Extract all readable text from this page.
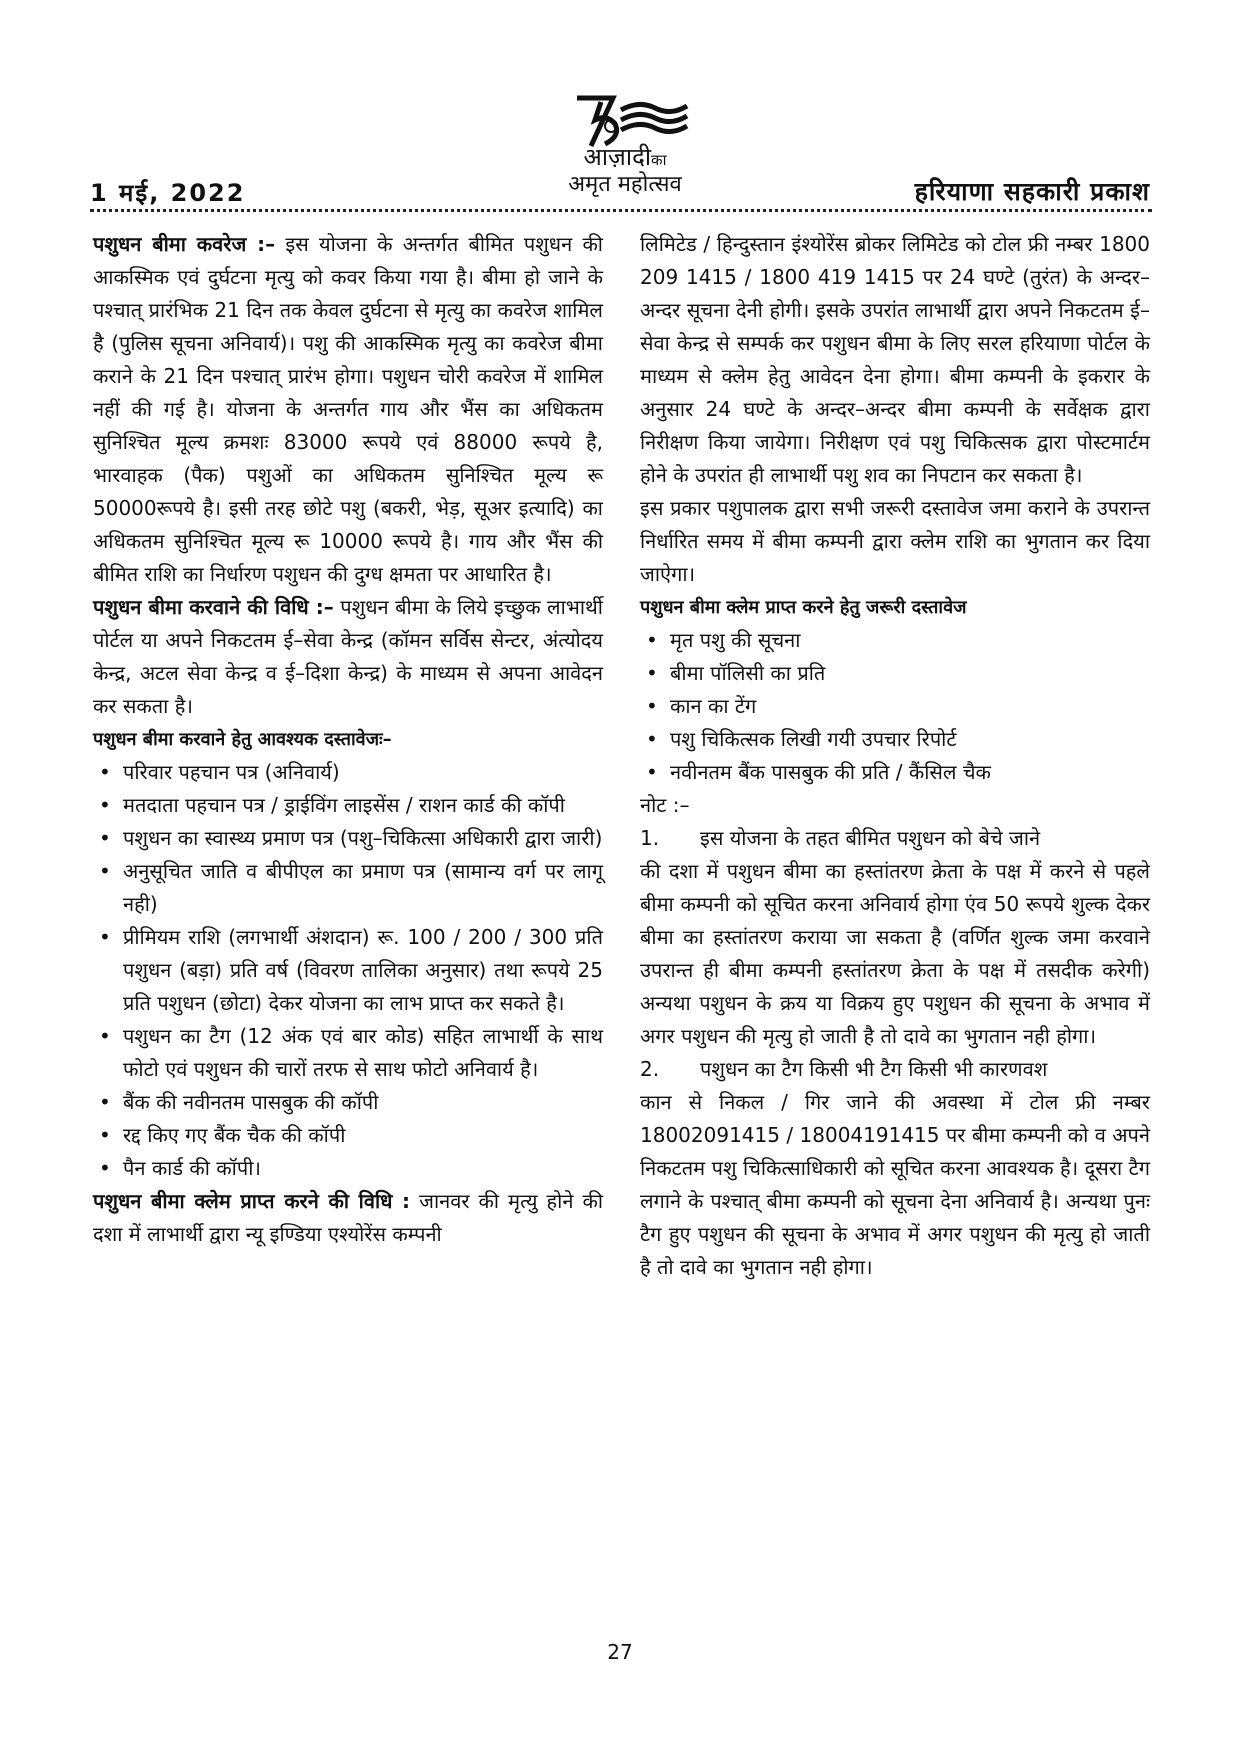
आज़ादीका
अमृत महोत्सव
1 मई, 2022	हरियाणा सहकारी प्रकाश

पशुधन बीमा कवरेज :– इस योजना के अन्तर्गत बीमित पशुधन की आकस्मिक एवं दुर्घटना मृत्यु को कवर किया गया है। बीमा हो जाने के पश्चात् प्रारंभिक 21 दिन तक केवल दुर्घटना से मृत्यु का कवरेज शामिल है (पुलिस सूचना अनिवार्य)। पशु की आकस्मिक मृत्यु का कवरेज बीमा कराने के 21 दिन पश्चात् प्रारंभ होगा। पशुधन चोरी कवरेज में शामिल नहीं की गई है। योजना के अन्तर्गत गाय और भैंस का अधिकतम सुनिश्चित मूल्य क्रमशः 83000 रूपये एवं 88000 रूपये है, भारवाहक (पैक) पशुओं का अधिकतम सुनिश्चित मूल्य रू 50000रूपये है। इसी तरह छोटे पशु (बकरी, भेड़, सूअर इत्यादि) का अधिकतम सुनिश्चित मूल्य रू 10000 रूपये है। गाय और भैंस की बीमित राशि का निर्धारण पशुधन की दुग्ध क्षमता पर आधारित है।

पशुधन बीमा करवाने की विधि :– पशुधन बीमा के लिये इच्छुक लाभार्थी पोर्टल या अपने निकटतम ई–सेवा केन्द्र (कॉमन सर्विस सेन्टर, अंत्योदय केन्द्र, अटल सेवा केन्द्र व ई–दिशा केन्द्र) के माध्यम से अपना आवेदन कर सकता है।

पशुधन बीमा करवाने हेतु आवश्यक दस्तावेजः–
• परिवार पहचान पत्र (अनिवार्य)
• मतदाता पहचान पत्र / ड्राईविंग लाइसेंस / राशन कार्ड की कॉपी
• पशुधन का स्वास्थ्य प्रमाण पत्र (पशु–चिकित्सा अधिकारी द्वारा जारी)
• अनुसूचित जाति व बीपीएल का प्रमाण पत्र (सामान्य वर्ग पर लागू नही)
• प्रीमियम राशि (लगभार्थी अंशदान) रू. 100 / 200 / 300 प्रति पशुधन (बड़ा) प्रति वर्ष (विवरण तालिका अनुसार) तथा रूपये 25 प्रति पशुधन (छोटा) देकर योजना का लाभ प्राप्त कर सकते है।
• पशुधन का टैग (12 अंक एवं बार कोड) सहित लाभार्थी के साथ फोटो एवं पशुधन की चारों तरफ से साथ फोटो अनिवार्य है।
• बैंक की नवीनतम पासबुक की कॉपी
• रद्द किए गए बैंक चैक की कॉपी
• पैन कार्ड की कॉपी।

पशुधन बीमा क्लेम प्राप्त करने की विधि : जानवर की मृत्यु होने की दशा में लाभार्थी द्वारा न्यू इण्डिया एश्योरेंस कम्पनी

लिमिटेड / हिन्दुस्तान इंश्योरेंस ब्रोकर लिमिटेड को टोल फ्री नम्बर 1800 209 1415 / 1800 419 1415 पर 24 घण्टे (तुरंत) के अन्दर–अन्दर सूचना देनी होगी। इसके उपरांत लाभार्थी द्वारा अपने निकटतम ई–सेवा केन्द्र से सम्पर्क कर पशुधन बीमा के लिए सरल हरियाणा पोर्टल के माध्यम से क्लेम हेतु आवेदन देना होगा। बीमा कम्पनी के इकरार के अनुसार 24 घण्टे के अन्दर–अन्दर बीमा कम्पनी के सर्वेक्षक द्वारा निरीक्षण किया जायेगा। निरीक्षण एवं पशु चिकित्सक द्वारा पोस्टमार्टम होने के उपरांत ही लाभार्थी पशु शव का निपटान कर सकता है।

इस प्रकार पशुपालक द्वारा सभी जरूरी दस्तावेज जमा कराने के उपरान्त निर्धारित समय में बीमा कम्पनी द्वारा क्लेम राशि का भुगतान कर दिया जाऐगा।

पशुधन बीमा क्लेम प्राप्त करने हेतु जरूरी दस्तावेज
• मृत पशु की सूचना
• बीमा पॉलिसी का प्रति
• कान का टेंग
• पशु चिकित्सक लिखी गयी उपचार रिपोर्ट
• नवीनतम बैंक पासबुक की प्रति / कैंसिल चैक

नोट :–

1.	इस योजना के तहत बीमित पशुधन को बेचे जाने

की दशा में पशुधन बीमा का हस्तांतरण क्रेता के पक्ष में करने से पहले बीमा कम्पनी को सूचित करना अनिवार्य होगा एंव 50 रूपये शुल्क देकर बीमा का हस्तांतरण कराया जा सकता है (वर्णित शुल्क जमा करवाने उपरान्त ही बीमा कम्पनी हस्तांतरण क्रेता के पक्ष में तसदीक करेगी) अन्यथा पशुधन के क्रय या विक्रय हुए पशुधन की सूचना के अभाव में अगर पशुधन की मृत्यु हो जाती है तो दावे का भुगतान नही होगा।

2.	पशुधन का टैग किसी भी टैग किसी भी कारणवश

कान से निकल / गिर जाने की अवस्था में टोल फ्री नम्बर 18002091415 / 18004191415 पर बीमा कम्पनी को व अपने निकटतम पशु चिकित्साधिकारी को सूचित करना आवश्यक है। दूसरा टैग लगाने के पश्चात् बीमा कम्पनी को सूचना देना अनिवार्य है। अन्यथा पुनः टैग हुए पशुधन की सूचना के अभाव में अगर पशुधन की मृत्यु हो जाती है तो दावे का भुगतान नही होगा।

27
